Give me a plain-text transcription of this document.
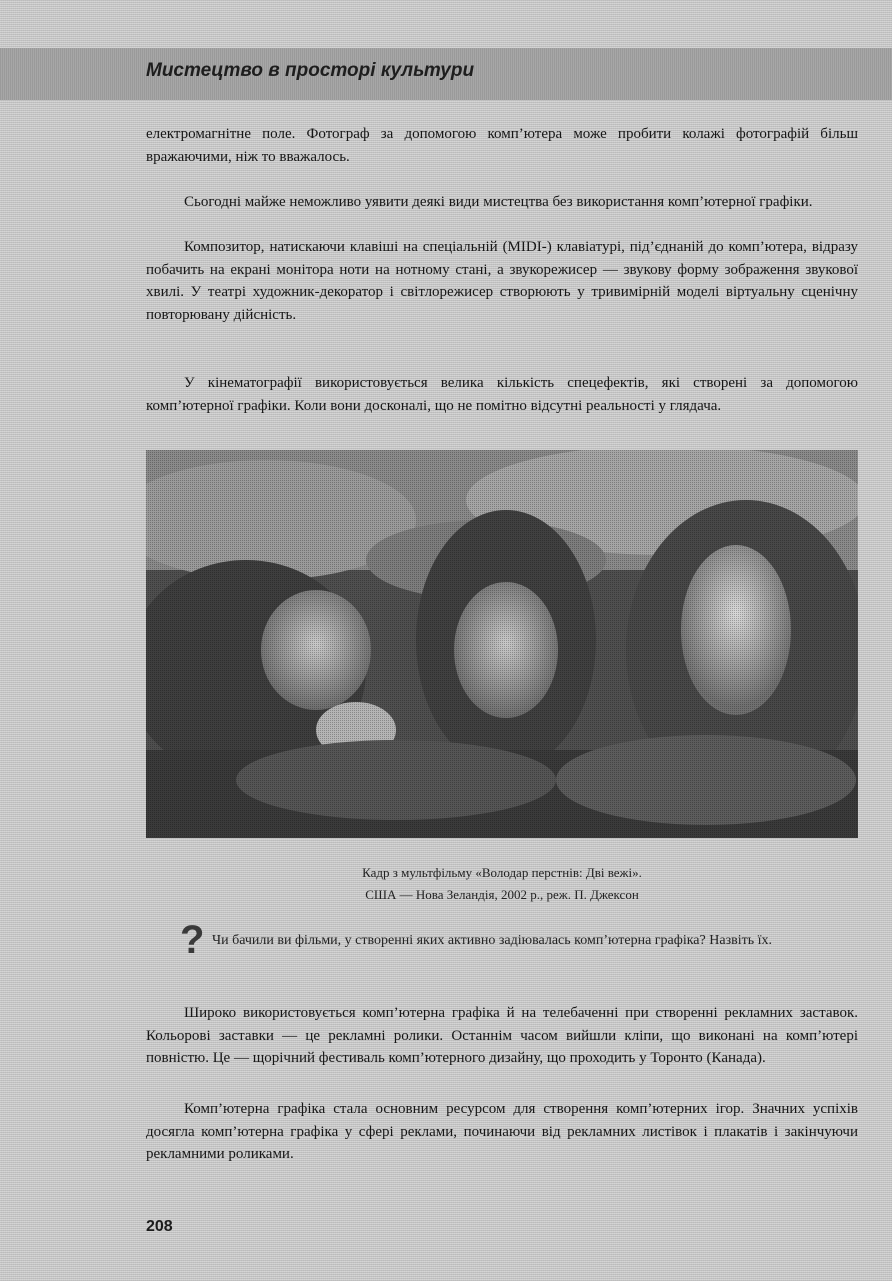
Мистецтво в просторі культури

електромагнітне поле. Фотограф за допомогою комп’ютера може пробити колажі фотографій більш вражаючими, ніж то вважалось.

Сьогодні майже неможливо уявити деякі види мистецтва без використання комп’ютерної графіки.

Композитор, натискаючи клавіші на спеціальній (MIDI-) клавіатурі, під’єднаній до комп’ютера, відразу побачить на екрані монітора ноти на нотному стані, а звукорежисер — звукову форму зображення звукової хвилі. У театрі художник-декоратор і світлорежисер створюють у тривимірній моделі віртуальну сценічну повторювану дійсність.

У кінематографії використовується велика кількість спецефектів, які створені за допомогою комп’ютерної графіки. Коли вони досконалі, що не помітно відсутні реальності у глядача.

Кадр з мультфільму «Володар перстнів: Дві вежі».
США — Нова Зеландія, 2002 р., реж. П. Джексон
? Чи бачили ви фільми, у створенні яких активно задіювалась комп’ютерна графіка? Назвіть їх.

Широко використовується комп’ютерна графіка й на телебаченні при створенні рекламних заставок. Кольорові заставки — це рекламні ролики. Останнім часом вийшли кліпи, що виконані на комп’ютері повністю. Це — щорічний фестиваль комп’ютерного дизайну, що проходить у Торонто (Канада).

Комп’ютерна графіка стала основним ресурсом для створення комп’ютерних ігор. Значних успіхів досягла комп’ютерна графіка у сфері реклами, починаючи від рекламних листівок і плакатів і закінчуючи рекламними роликами.

208
